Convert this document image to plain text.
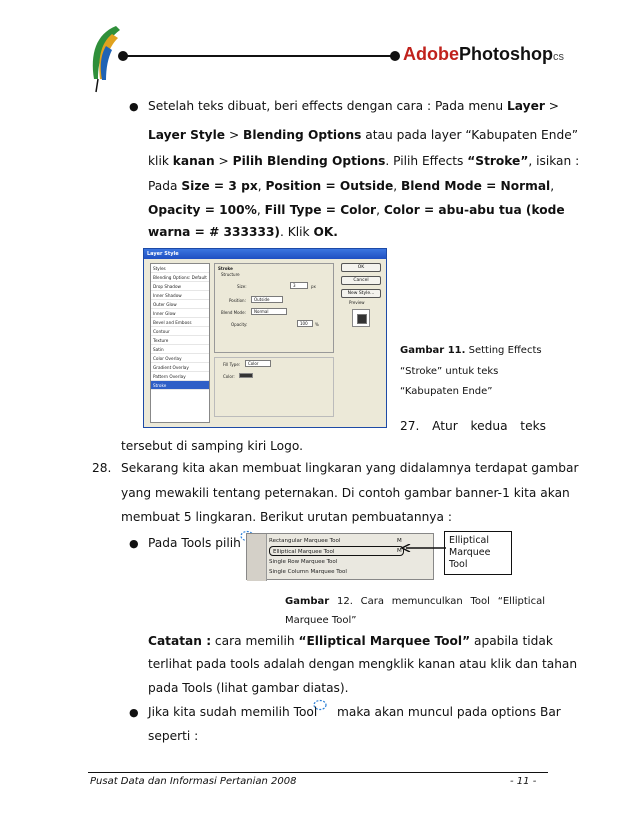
AdobePhotoshopcs
● Setelah teks dibuat, beri effects dengan cara : Pada menu Layer >
Layer Style > Blending Options atau pada layer “Kabupaten Ende”
klik kanan > Pilih Blending Options. Pilih Effects “Stroke”, isikan :
Pada Size = 3 px, Position = Outside, Blend Mode = Normal,
Opacity = 100%, Fill Type = Color, Color = abu-abu tua (kode
warna = # 333333). Klik OK.
Layer Style
Styles
Blending Options: Default
Drop Shadow
Inner Shadow
Outer Glow
Inner Glow
Bevel and Emboss
Contour
Texture
Satin
Color Overlay
Gradient Overlay
Pattern Overlay
Stroke
Stroke
Structure
Size:	3	px
Position:	Outside
Blend Mode:	Normal
Opacity:	100	%
Fill Type:	Color
Color:
OK
Cancel
New Style...
Preview
Gambar 11. Setting Effects
“Stroke” untuk teks
“Kabupaten Ende”
27. Atur kedua teks
tersebut di samping kiri Logo.
28. Sekarang kita akan membuat lingkaran yang didalamnya terdapat gambar
yang mewakili tentang peternakan. Di contoh gambar banner-1 kita akan
membuat 5 lingkaran. Berikut urutan pembuatannya :
● Pada Tools pilih	Rectangular Marquee Tool	M
Elliptical Marquee Tool	M
Single Row Marquee Tool
Single Column Marquee Tool
Elliptical
Marquee
Tool
Gambar 12. Cara memunculkan Tool “Elliptical
Marquee Tool”
Catatan : cara memilih “Elliptical Marquee Tool” apabila tidak
terlihat pada tools adalah dengan mengklik kanan atau klik dan tahan
pada Tools (lihat gambar diatas).
● Jika kita sudah memilih Tool maka akan muncul pada options Bar
seperti :
Pusat Data dan Informasi Pertanian 2008	- 11 -
